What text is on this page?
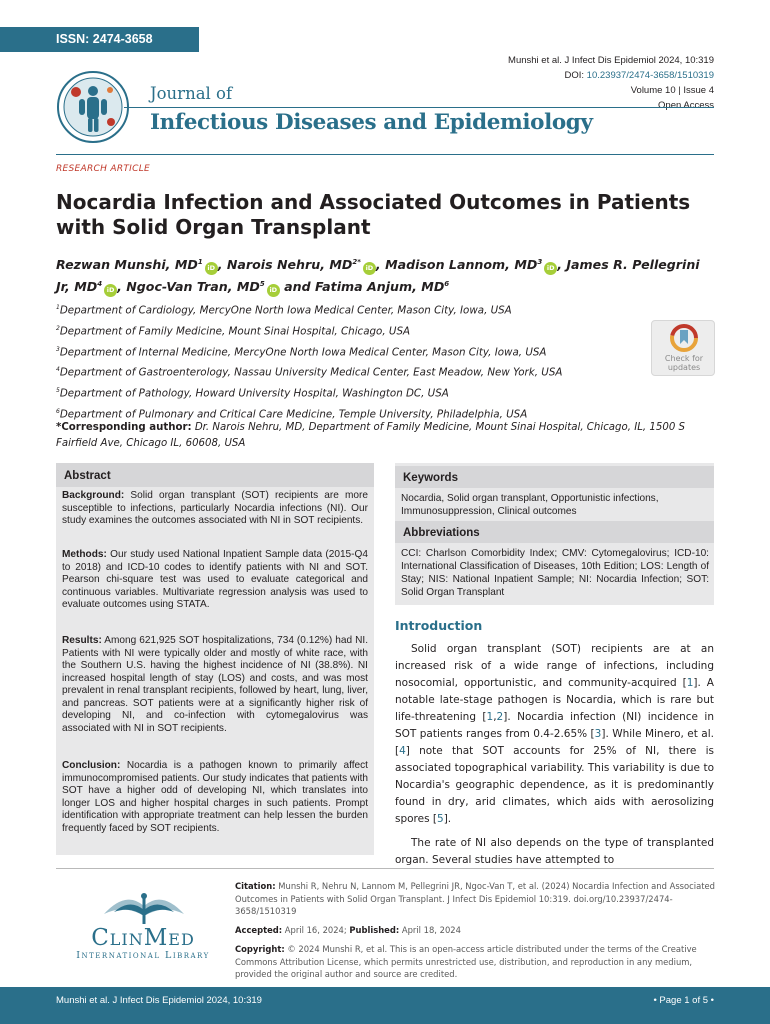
ISSN: 2474-3658
Munshi et al. J Infect Dis Epidemiol 2024, 10:319
DOI: 10.23937/2474-3658/1510319
Volume 10 | Issue 4
Open Access
Journal of
Infectious Diseases and Epidemiology
RESEARCH ARTICLE
Nocardia Infection and Associated Outcomes in Patients
with Solid Organ Transplant
Rezwan Munshi, $MD^1iD$ , Narois Nehru, $MD^{2*}iD$ , Madison Lannom, $MD^3iD$ , James R. Pellegrini Jr, $MD^4iD$ , Ngoc-Van Tran, $MD^5iD$ and Fatima Anjum, $MD^6$
$^1$Department of Cardiology, MercyOne North Iowa Medical Center, Mason City, Iowa, USA
$^2$Department of Family Medicine, Mount Sinai Hospital, Chicago, USA
$^3$Department of Internal Medicine, MercyOne North Iowa Medical Center, Mason City, Iowa, USA
$^4$Department of Gastroenterology, Nassau University Medical Center, East Meadow, New York, USA
$^5$Department of Pathology, Howard University Hospital, Washington DC, USA
$^6$Department of Pulmonary and Critical Care Medicine, Temple University, Philadelphia, USA
Check for
updates
*Corresponding author: Dr. Narois Nehru, MD, Department of Family Medicine, Mount Sinai Hospital, Chicago, IL, 1500 S Fairfield Ave, Chicago IL, 60608, USA
Abstract
Background: Solid organ transplant (SOT) recipients are more susceptible to infections, particularly Nocardia infections (NI). Our study examines the outcomes associated with NI in SOT recipients.
Methods: Our study used National Inpatient Sample data (2015-Q4 to 2018) and ICD-10 codes to identify patients with NI and SOT. Pearson chi-square test was used to evaluate categorical and continuous variables. Multivariate regression analysis was used to evaluate outcomes using STATA.
Results: Among 621,925 SOT hospitalizations, 734 (0.12%) had NI. Patients with NI were typically older and mostly of white race, with the Southern U.S. having the highest incidence of NI (38.8%). NI increased hospital length of stay (LOS) and costs, and was most prevalent in renal transplant recipients, followed by heart, lung, liver, and pancreas. SOT patients were at a significantly higher risk of developing NI, and co-infection with cytomegalovirus was associated with NI in SOT recipients.
Conclusion: Nocardia is a pathogen known to primarily affect immunocompromised patients. Our study indicates that patients with SOT have a higher odd of developing NI, which translates into longer LOS and higher hospital charges in such patients. Prompt identification with appropriate treatment can help lessen the burden frequently faced by SOT recipients.
Keywords
Nocardia, Solid organ transplant, Opportunistic infections, Immunosuppression, Clinical outcomes
Abbreviations
CCI: Charlson Comorbidity Index; CMV: Cytomegalovirus; ICD-10: International Classification of Diseases, 10th Edition; LOS: Length of Stay; NIS: National Inpatient Sample; NI: Nocardia Infection; SOT: Solid Organ Transplant
Introduction

Solid organ transplant (SOT) recipients are at an increased risk of a wide range of infections, including nosocomial, opportunistic, and community-acquired [1]. A notable late-stage pathogen is Nocardia, which is rare but life-threatening [1,2]. Nocardia infection (NI) incidence in SOT patients ranges from 0.4-2.65% [3]. While Minero, et al. [4] note that SOT accounts for 25% of NI, there is associated topographical variability. This variability is due to Nocardia's geographic dependence, as it is predominantly found in dry, arid climates, which aids with aerosolizing spores [5].

The rate of NI also depends on the type of transplanted organ. Several studies have attempted to

ClinMed
International Library
Citation: Munshi R, Nehru N, Lannom M, Pellegrini JR, Ngoc-Van T, et al. (2024) Nocardia Infection and Associated Outcomes in Patients with Solid Organ Transplant. J Infect Dis Epidemiol 10:319. doi.org/10.23937/2474-3658/1510319
Accepted: April 16, 2024; Published: April 18, 2024
Copyright: © 2024 Munshi R, et al. This is an open-access article distributed under the terms of the Creative Commons Attribution License, which permits unrestricted use, distribution, and reproduction in any medium, provided the original author and source are credited.
Munshi et al. J Infect Dis Epidemiol 2024, 10:319	• Page 1 of 5 •
